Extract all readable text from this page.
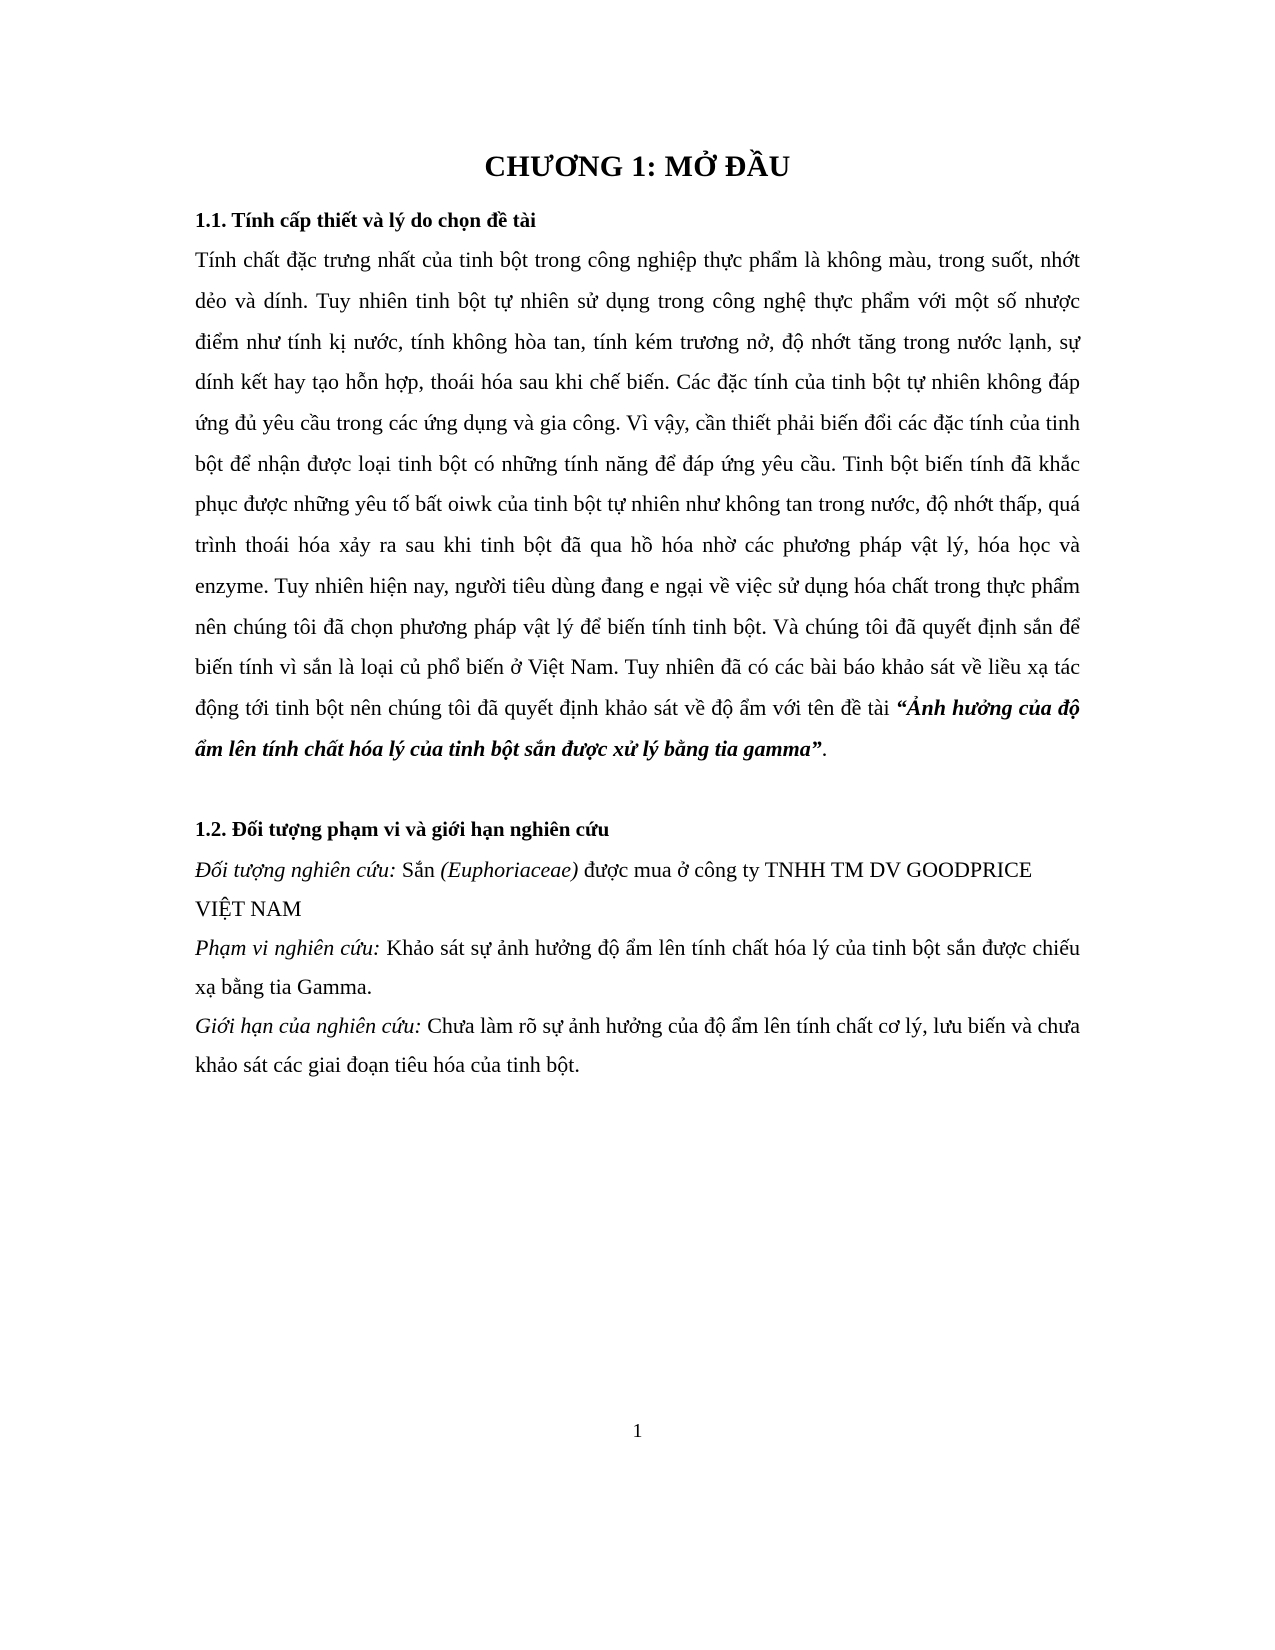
CHƯƠNG 1: MỞ ĐẦU
1.1. Tính cấp thiết và lý do chọn đề tài

Tính chất đặc trưng nhất của tinh bột trong công nghiệp thực phẩm là không màu, trong suốt, nhớt dẻo và dính. Tuy nhiên tinh bột tự nhiên sử dụng trong công nghệ thực phẩm với một số nhược điểm như tính kị nước, tính không hòa tan, tính kém trương nở, độ nhớt tăng trong nước lạnh, sự dính kết hay tạo hỗn hợp, thoái hóa sau khi chế biến. Các đặc tính của tinh bột tự nhiên không đáp ứng đủ yêu cầu trong các ứng dụng và gia công. Vì vậy, cần thiết phải biến đổi các đặc tính của tinh bột để nhận được loại tinh bột có những tính năng để đáp ứng yêu cầu. Tinh bột biến tính đã khắc phục được những yêu tố bất oiwk của tinh bột tự nhiên như không tan trong nước, độ nhớt thấp, quá trình thoái hóa xảy ra sau khi tinh bột đã qua hồ hóa nhờ các phương pháp vật lý, hóa học và enzyme. Tuy nhiên hiện nay, người tiêu dùng đang e ngại về việc sử dụng hóa chất trong thực phẩm nên chúng tôi đã chọn phương pháp vật lý để biến tính tinh bột. Và chúng tôi đã quyết định sắn để biến tính vì sắn là loại củ phổ biến ở Việt Nam. Tuy nhiên đã có các bài báo khảo sát về liều xạ tác động tới tinh bột nên chúng tôi đã quyết định khảo sát về độ ẩm với tên đề tài “Ảnh hưởng của độ ẩm lên tính chất hóa lý của tinh bột sắn được xử lý bằng tia gamma”.

1.2. Đối tượng phạm vi và giới hạn nghiên cứu

Đối tượng nghiên cứu: Sắn (Euphoriaceae) được mua ở công ty TNHH TM DV GOODPRICE VIỆT NAM

Phạm vi nghiên cứu: Khảo sát sự ảnh hưởng độ ẩm lên tính chất hóa lý của tinh bột sắn được chiếu xạ bằng tia Gamma.

Giới hạn của nghiên cứu: Chưa làm rõ sự ảnh hưởng của độ ẩm lên tính chất cơ lý, lưu biến và chưa khảo sát các giai đoạn tiêu hóa của tinh bột.

1
